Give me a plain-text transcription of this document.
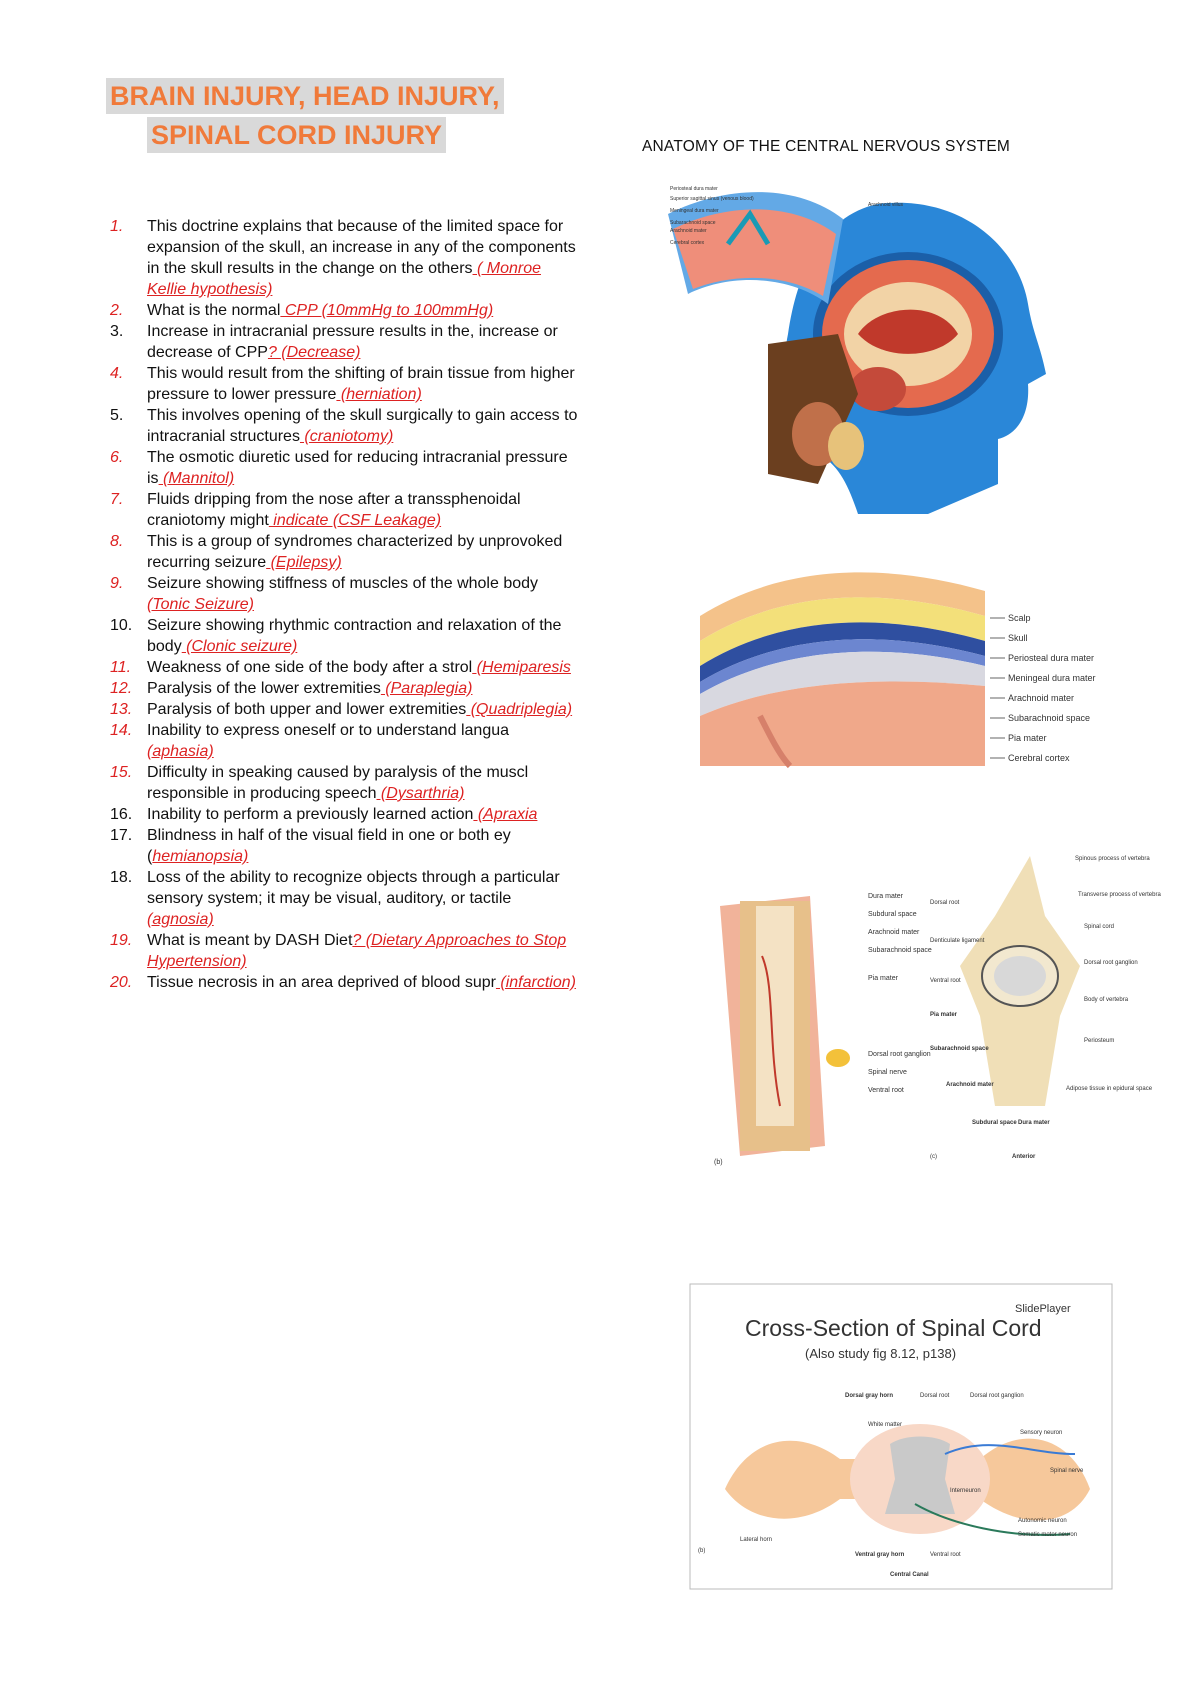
BRAIN INJURY, HEAD INJURY,
SPINAL CORD INJURY	ANATOMY OF THE CENTRAL NERVOUS SYSTEM
1.	This doctrine explains that because of the limited space for expansion of the skull, an increase in any of the components in the skull results in the change on the others ( Monroe Kellie hypothesis)
2.	What is the normal CPP (10mmHg to 100mmHg)
3.	Increase in intracranial pressure results in the, increase or decrease of CPP? (Decrease)
4.	This would result from the shifting of brain tissue from higher pressure to lower pressure (herniation)
5.	This involves opening of the skull surgically to gain access to intracranial structures (craniotomy)
6.	The osmotic diuretic used for reducing intracranial pressure is (Mannitol)
7.	Fluids dripping from the nose after a transsphenoidal craniotomy might indicate (CSF Leakage)
8.	This is a group of syndromes characterized by unprovoked recurring seizure (Epilepsy)
9.	Seizure showing stiffness of muscles of the whole body (Tonic Seizure)
10. Seizure showing rhythmic contraction and relaxation of the body (Clonic seizure)
11. Weakness of one side of the body after a strol (Hemiparesis
12. Paralysis of the lower extremities (Paraplegia)
13. Paralysis of both upper and lower extremities (Quadriplegia)
14. Inability to express oneself or to understand langua (aphasia)
15. Difficulty in speaking caused by paralysis of the muscl responsible in producing speech (Dysarthria)
16. Inability to perform a previously learned action (Apraxia
17. Blindness in half of the visual field in one or both ey (hemianopsia)
18. Loss of the ability to recognize objects through a particular sensory system; it may be visual, auditory, or tactile (agnosia)
19. What is meant by DASH Diet? (Dietary Approaches to Stop Hypertension)
20. Tissue necrosis in an area deprived of blood supr (infarction)
Periosteal dura mater
Superior sagittal sinus (venous blood)
Meningeal dura mater
Subarachnoid space
Arachnoid mater
Cerebral cortex
Arachnoid villus
Scalp
Skull
Periosteal dura mater
Meningeal dura mater
Arachnoid mater
Subarachnoid space
Pia mater
Cerebral cortex
Dura mater
Subdural space
Arachnoid mater
Subarachnoid space
Pia mater
Dorsal root ganglion
Spinal nerve
Ventral root
(b)
Spinous process of vertebra
Transverse process of vertebra
Spinal cord
Dorsal root ganglion
Body of vertebra
Periosteum
Adipose tissue in epidural space
Dorsal root
Denticulate ligament
Ventral root
Pia mater
Subarachnoid space
Arachnoid mater
Subdural space Dura mater
Anterior
(c)
SlidePlayer
Cross-Section of Spinal Cord
(Also study fig 8.12, p138)
Dorsal gray horn	Dorsal root	Dorsal root ganglion
White matter
Sensory neuron
Spinal nerve
Interneuron
Autonomic neuron
Somatic motor neuron
Lateral horn
Ventral gray horn	Ventral root
Central Canal
(b)
